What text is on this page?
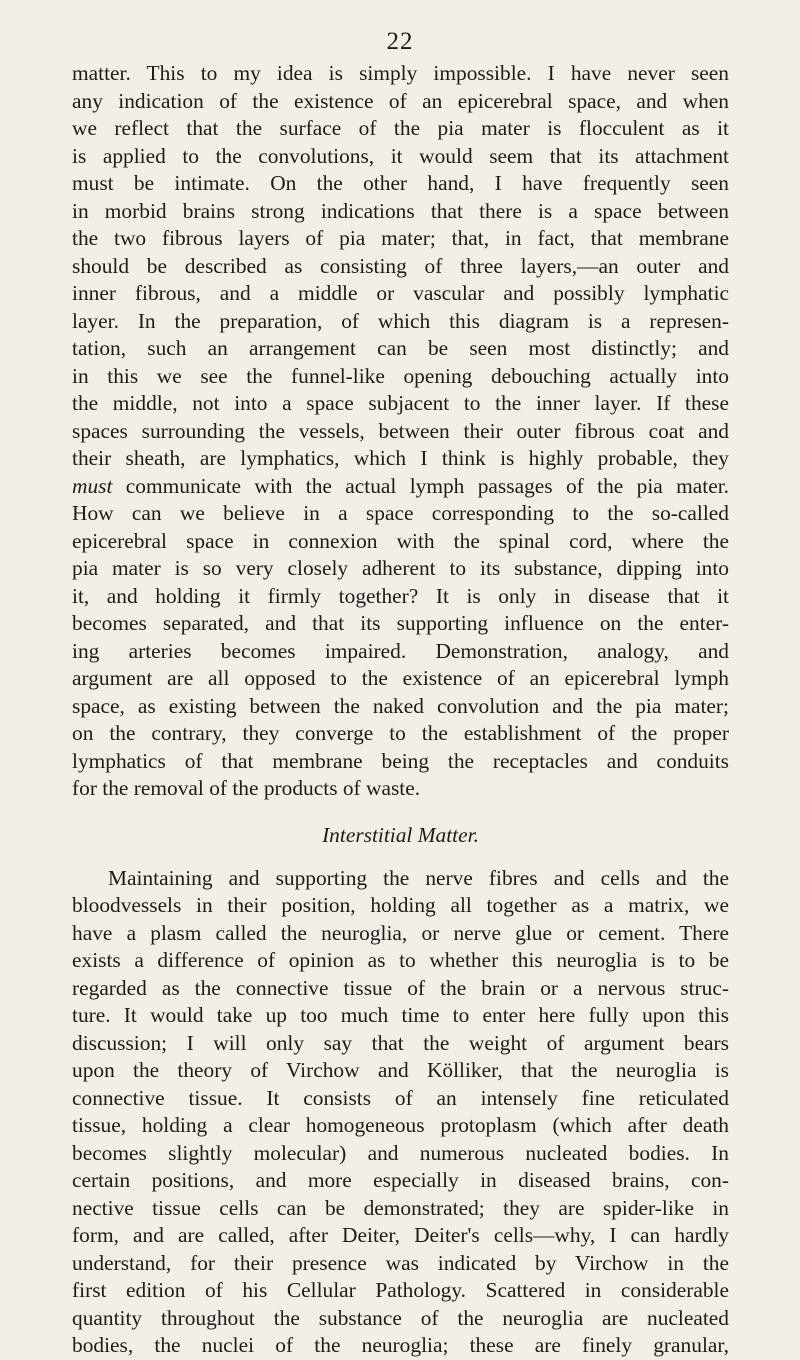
22
matter. This to my idea is simply impossible. I have never seen
any indication of the existence of an epicerebral space, and when
we reflect that the surface of the pia mater is flocculent as it
is applied to the convolutions, it would seem that its attachment
must be intimate. On the other hand, I have frequently seen
in morbid brains strong indications that there is a space between
the two fibrous layers of pia mater; that, in fact, that membrane
should be described as consisting of three layers,—an outer and
inner fibrous, and a middle or vascular and possibly lymphatic
layer. In the preparation, of which this diagram is a represen-
tation, such an arrangement can be seen most distinctly; and
in this we see the funnel-like opening debouching actually into
the middle, not into a space subjacent to the inner layer. If these
spaces surrounding the vessels, between their outer fibrous coat and
their sheath, are lymphatics, which I think is highly probable, they
must communicate with the actual lymph passages of the pia mater.
How can we believe in a space corresponding to the so-called
epicerebral space in connexion with the spinal cord, where the
pia mater is so very closely adherent to its substance, dipping into
it, and holding it firmly together? It is only in disease that it
becomes separated, and that its supporting influence on the enter-
ing arteries becomes impaired. Demonstration, analogy, and
argument are all opposed to the existence of an epicerebral lymph
space, as existing between the naked convolution and the pia mater;
on the contrary, they converge to the establishment of the proper
lymphatics of that membrane being the receptacles and conduits
for the removal of the products of waste.
Interstitial Matter.
Maintaining and supporting the nerve fibres and cells and the
bloodvessels in their position, holding all together as a matrix, we
have a plasm called the neuroglia, or nerve glue or cement. There
exists a difference of opinion as to whether this neuroglia is to be
regarded as the connective tissue of the brain or a nervous struc-
ture. It would take up too much time to enter here fully upon this
discussion; I will only say that the weight of argument bears
upon the theory of Virchow and Kölliker, that the neuroglia is
connective tissue. It consists of an intensely fine reticulated
tissue, holding a clear homogeneous protoplasm (which after death
becomes slightly molecular) and numerous nucleated bodies. In
certain positions, and more especially in diseased brains, con-
nective tissue cells can be demonstrated; they are spider-like in
form, and are called, after Deiter, Deiter's cells—why, I can hardly
understand, for their presence was indicated by Virchow in the
first edition of his Cellular Pathology. Scattered in considerable
quantity throughout the substance of the neuroglia are nucleated
bodies, the nuclei of the neuroglia; these are finely granular,
